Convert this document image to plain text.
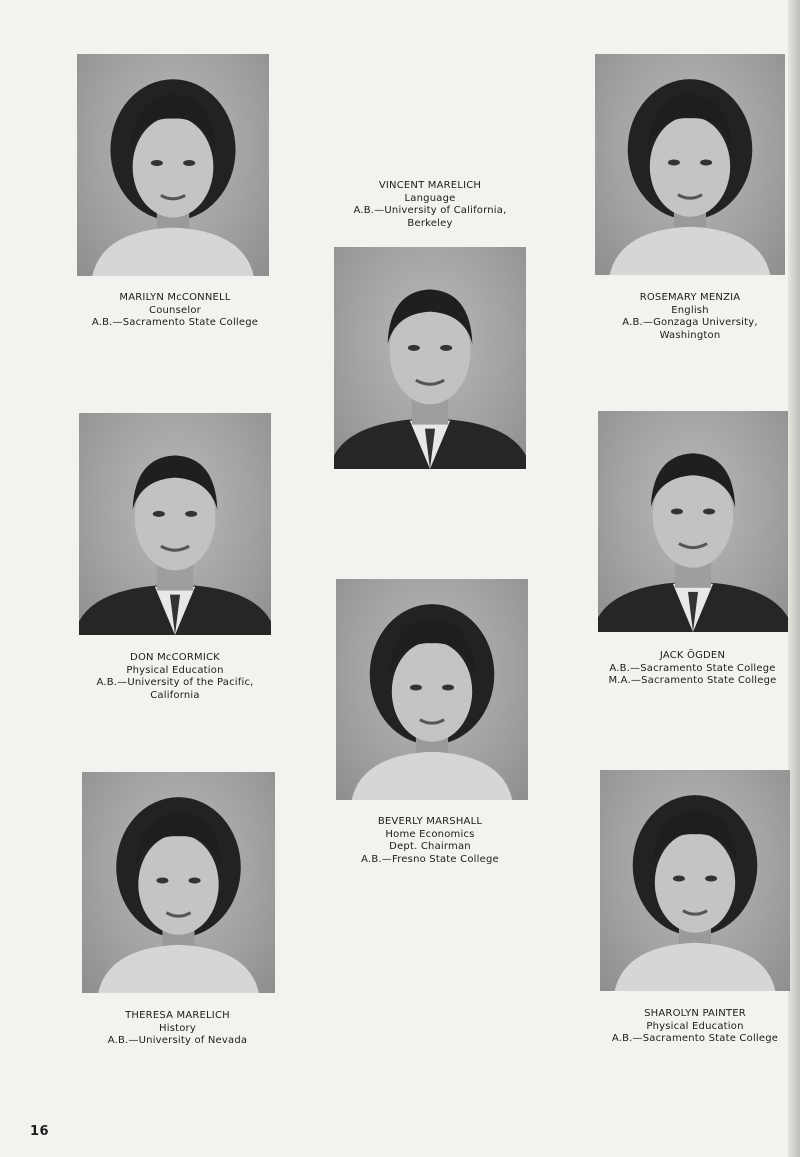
MARILYN McCONNELL
Counselor
A.B.—Sacramento State College
VINCENT MARELICH
Language
A.B.—University of California,
Berkeley
ROSEMARY MENZIA
English
A.B.—Gonzaga University,
Washington
DON McCORMICK
Physical Education
A.B.—University of the Pacific,
California
BEVERLY MARSHALL
Home Economics
Dept. Chairman
A.B.—Fresno State College
JACK ÖGDEN
A.B.—Sacramento State College
M.A.—Sacramento State College
THERESA MARELICH
History
A.B.—University of Nevada
SHAROLYN PAINTER
Physical Education
A.B.—Sacramento State College
16
